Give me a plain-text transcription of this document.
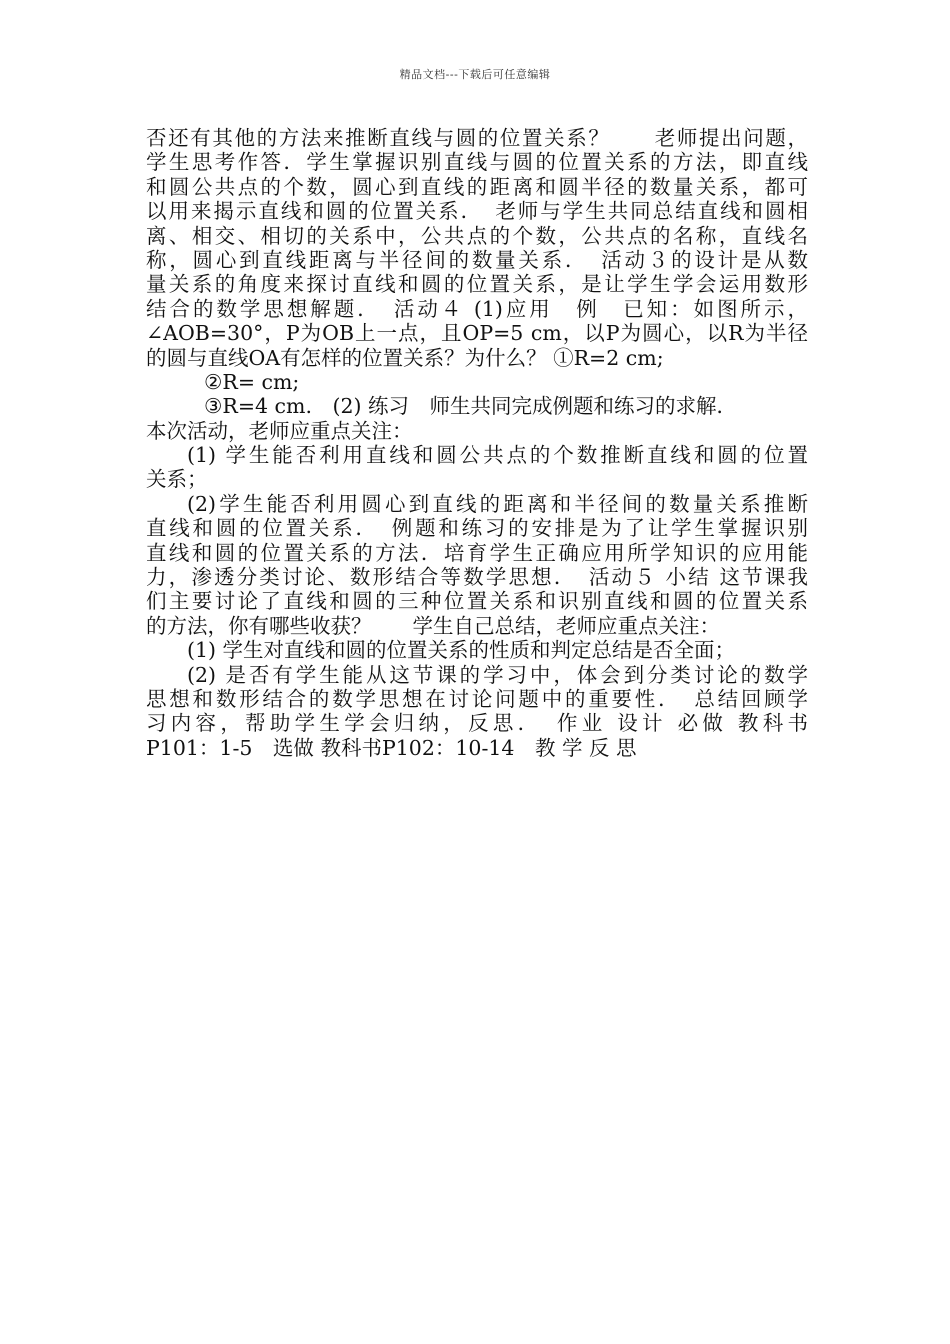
精品文档---下载后可任意编辑
否还有其他的方法来推断直线与圆的位置关系？　　老师提出问题，
学生思考作答．学生掌握识别直线与圆的位置关系的方法，即直线
和圆公共点的个数，圆心到直线的距离和圆半径的数量关系，都可
以用来揭示直线和圆的位置关系．　老师与学生共同总结直线和圆相
离、相交、相切的关系中，公共点的个数，公共点的名称，直线名
称，圆心到直线距离与半径间的数量关系．　活动３的设计是从数
量关系的角度来探讨直线和圆的位置关系，是让学生学会运用数形
结合的数学思想解题．　活动４ (1)应用　例　已知：如图所示，
∠AOB=30°，P为OB上一点，且OP=5 cm，以P为圆心，以R为半径
的圆与直线OA有怎样的位置关系？为什么？ ①R=2 cm;
②R= cm;
③R=4 cm.　(2) 练习　师生共同完成例题和练习的求解．
本次活动，老师应重点关注：
(1) 学生能否利用直线和圆公共点的个数推断直线和圆的位置
关系；
(2)学生能否利用圆心到直线的距离和半径间的数量关系推断
直线和圆的位置关系．　例题和练习的安排是为了让学生掌握识别
直线和圆的位置关系的方法．培育学生正确应用所学知识的应用能
力，渗透分类讨论、数形结合等数学思想．　活动５ 小结 这节课我
们主要讨论了直线和圆的三种位置关系和识别直线和圆的位置关系
的方法，你有哪些收获？　　学生自己总结，老师应重点关注：
(1) 学生对直线和圆的位置关系的性质和判定总结是否全面；
(2) 是否有学生能从这节课的学习中，体会到分类讨论的数学
思想和数形结合的数学思想在讨论问题中的重要性．　总结回顾学
习内容，帮助学生学会归纳，反思．　作业 设计 必做 教科书
P101：1-5　选做 教科书P102：10-14　教 学 反 思
